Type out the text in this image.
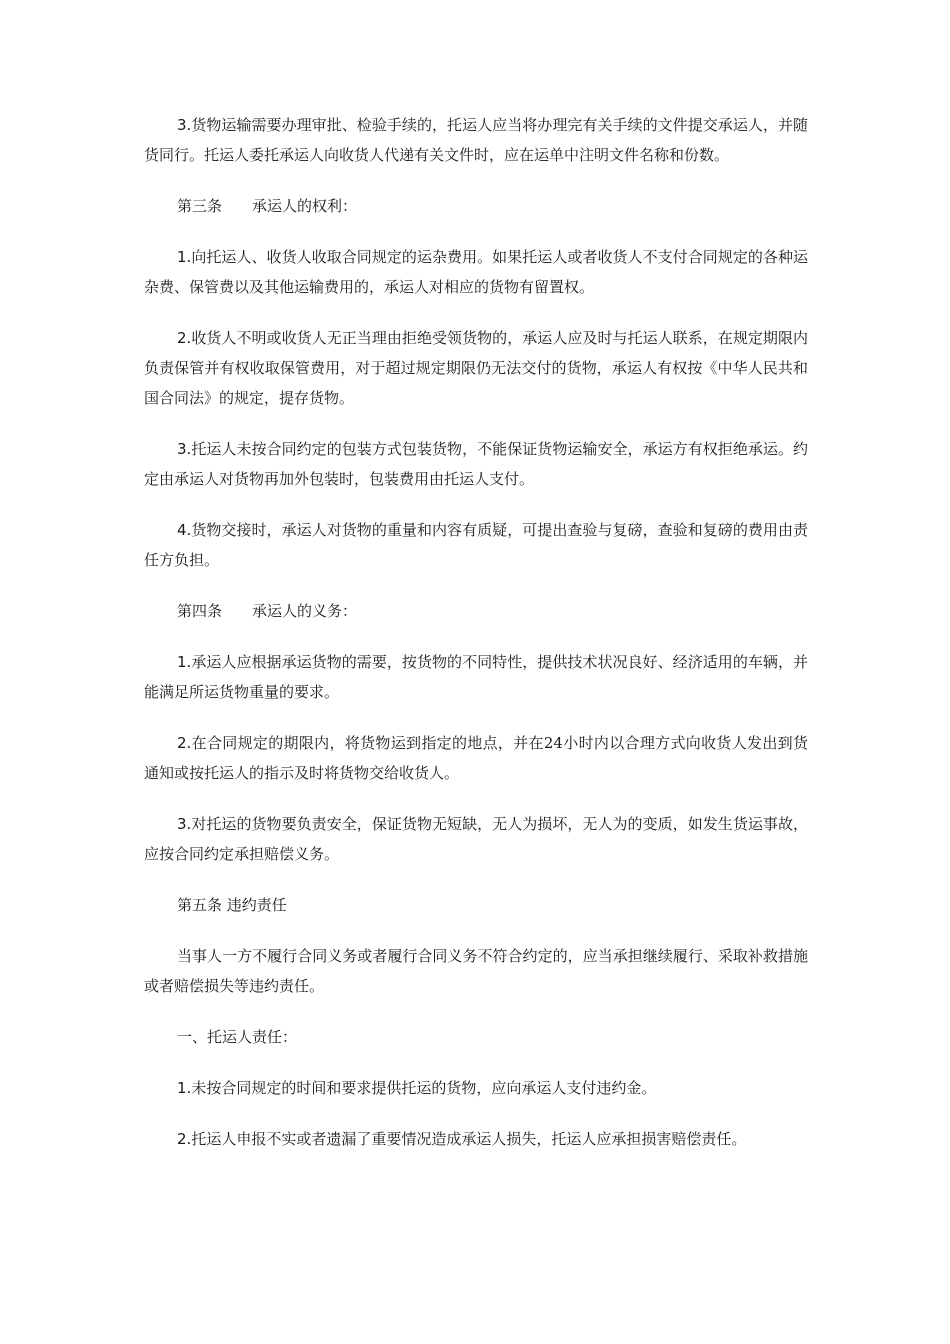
3.货物运输需要办理审批、检验手续的，托运人应当将办理完有关手续的文件提交承运人，并随货同行。托运人委托承运人向收货人代递有关文件时，应在运单中注明文件名称和份数。

第三条　　承运人的权利：

1.向托运人、收货人收取合同规定的运杂费用。如果托运人或者收货人不支付合同规定的各种运杂费、保管费以及其他运输费用的，承运人对相应的货物有留置权。

2.收货人不明或收货人无正当理由拒绝受领货物的，承运人应及时与托运人联系，在规定期限内负责保管并有权收取保管费用，对于超过规定期限仍无法交付的货物，承运人有权按《中华人民共和国合同法》的规定，提存货物。

3.托运人未按合同约定的包装方式包装货物，不能保证货物运输安全，承运方有权拒绝承运。约定由承运人对货物再加外包装时，包装费用由托运人支付。

4.货物交接时，承运人对货物的重量和内容有质疑，可提出查验与复磅，查验和复磅的费用由责任方负担。

第四条　　承运人的义务：

1.承运人应根据承运货物的需要，按货物的不同特性，提供技术状况良好、经济适用的车辆，并能满足所运货物重量的要求。

2.在合同规定的期限内，将货物运到指定的地点，并在24小时内以合理方式向收货人发出到货通知或按托运人的指示及时将货物交给收货人。

3.对托运的货物要负责安全，保证货物无短缺，无人为损坏，无人为的变质，如发生货运事故，应按合同约定承担赔偿义务。

第五条 违约责任

当事人一方不履行合同义务或者履行合同义务不符合约定的，应当承担继续履行、采取补救措施或者赔偿损失等违约责任。

一、托运人责任：

1.未按合同规定的时间和要求提供托运的货物，应向承运人支付违约金。

2.托运人申报不实或者遗漏了重要情况造成承运人损失，托运人应承担损害赔偿责任。
